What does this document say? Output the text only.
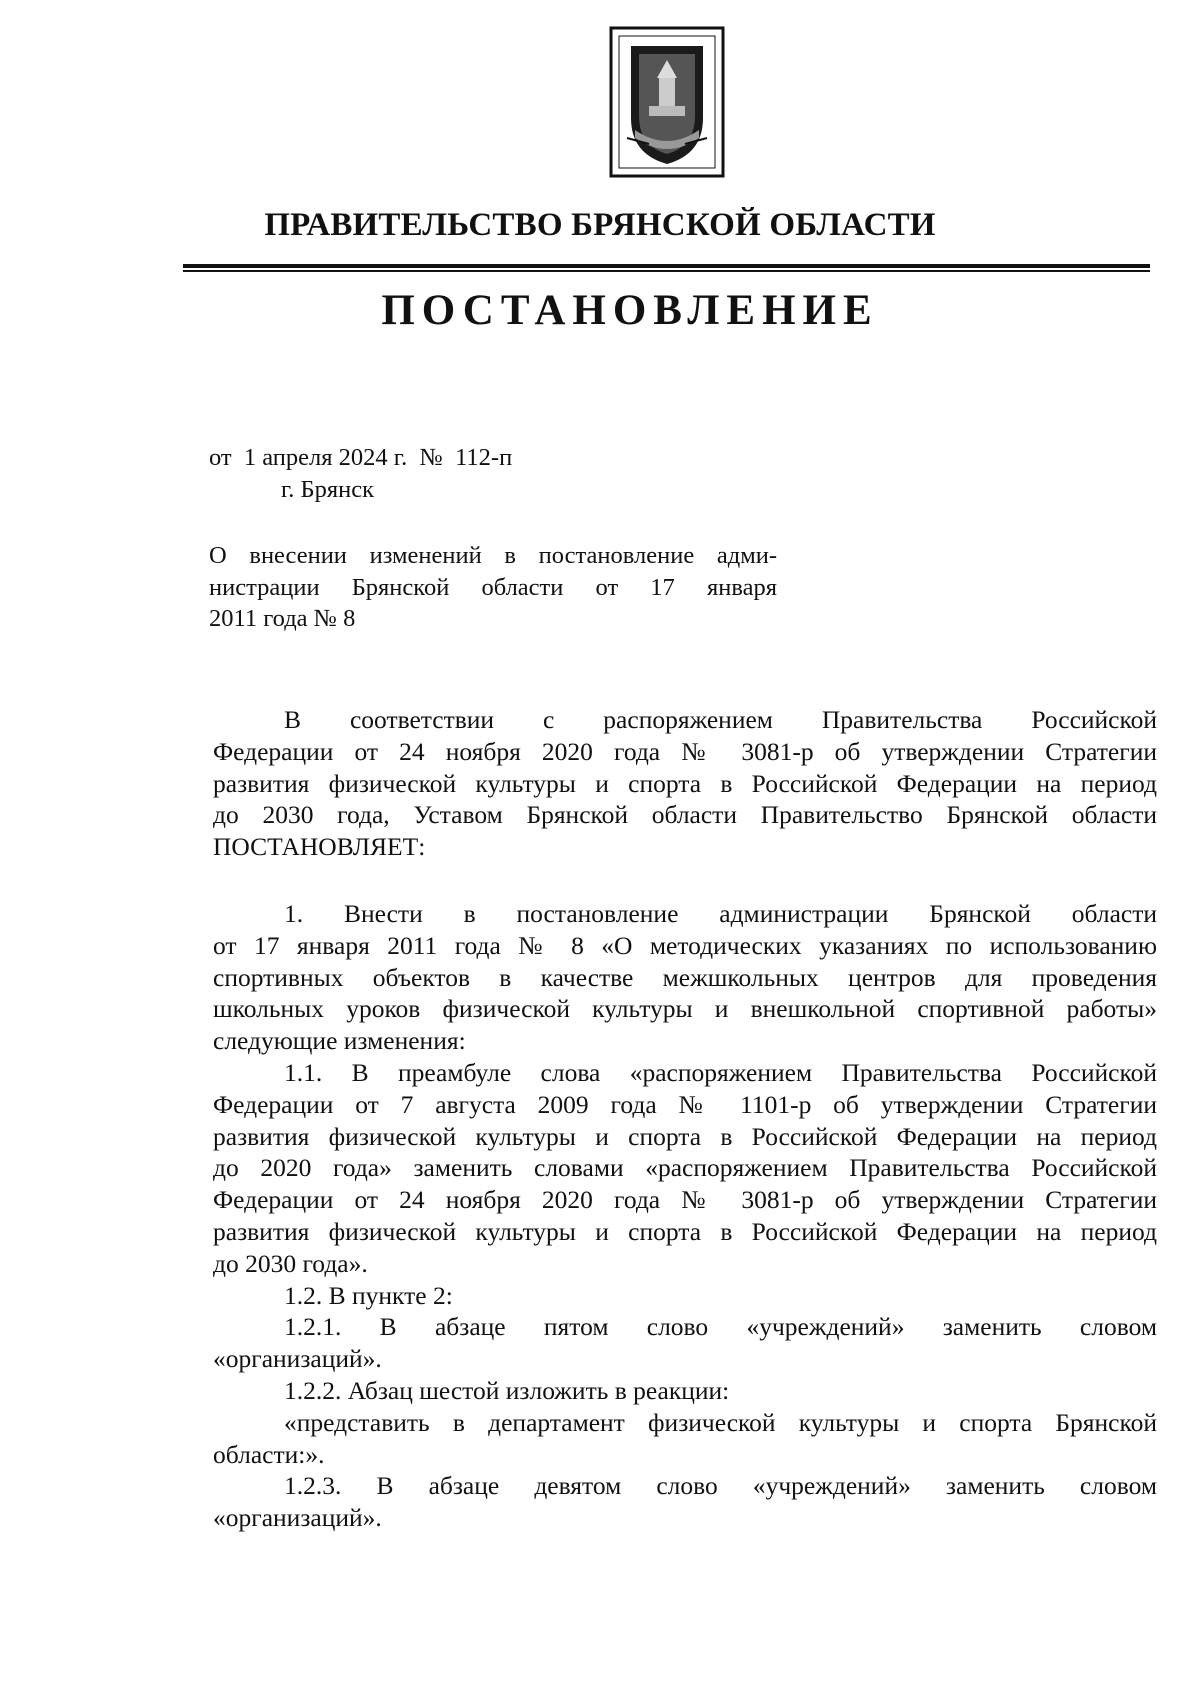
ПРАВИТЕЛЬСТВО БРЯНСКОЙ ОБЛАСТИ
ПОСТАНОВЛЕНИЕ
от  1 апреля 2024 г.  №  112-п
г. Брянск
О внесении изменений в постановление адми-
нистрации Брянской области от 17 января
2011 года № 8
В соответствии с распоряжением Правительства Российской
Федерации от 24 ноября 2020 года № 3081-р об утверждении Стратегии
развития физической культуры и спорта в Российской Федерации на период
до 2030 года, Уставом Брянской области Правительство Брянской области
ПОСТАНОВЛЯЕТ:
1. Внести в постановление администрации Брянской области
от 17 января 2011 года № 8 «О методических указаниях по использованию
спортивных объектов в качестве межшкольных центров для проведения
школьных уроков физической культуры и внешкольной спортивной работы»
следующие изменения:
1.1. В преамбуле слова «распоряжением Правительства Российской
Федерации от 7 августа 2009 года № 1101-р об утверждении Стратегии
развития физической культуры и спорта в Российской Федерации на период
до 2020 года» заменить словами «распоряжением Правительства Российской
Федерации от 24 ноября 2020 года № 3081-р об утверждении Стратегии
развития физической культуры и спорта в Российской Федерации на период
до 2030 года».
1.2. В пункте 2:
1.2.1. В абзаце пятом слово «учреждений» заменить словом
«организаций».
1.2.2. Абзац шестой изложить в реакции:
«представить в департамент физической культуры и спорта Брянской
области:».
1.2.3. В абзаце девятом слово «учреждений» заменить словом
«организаций».
